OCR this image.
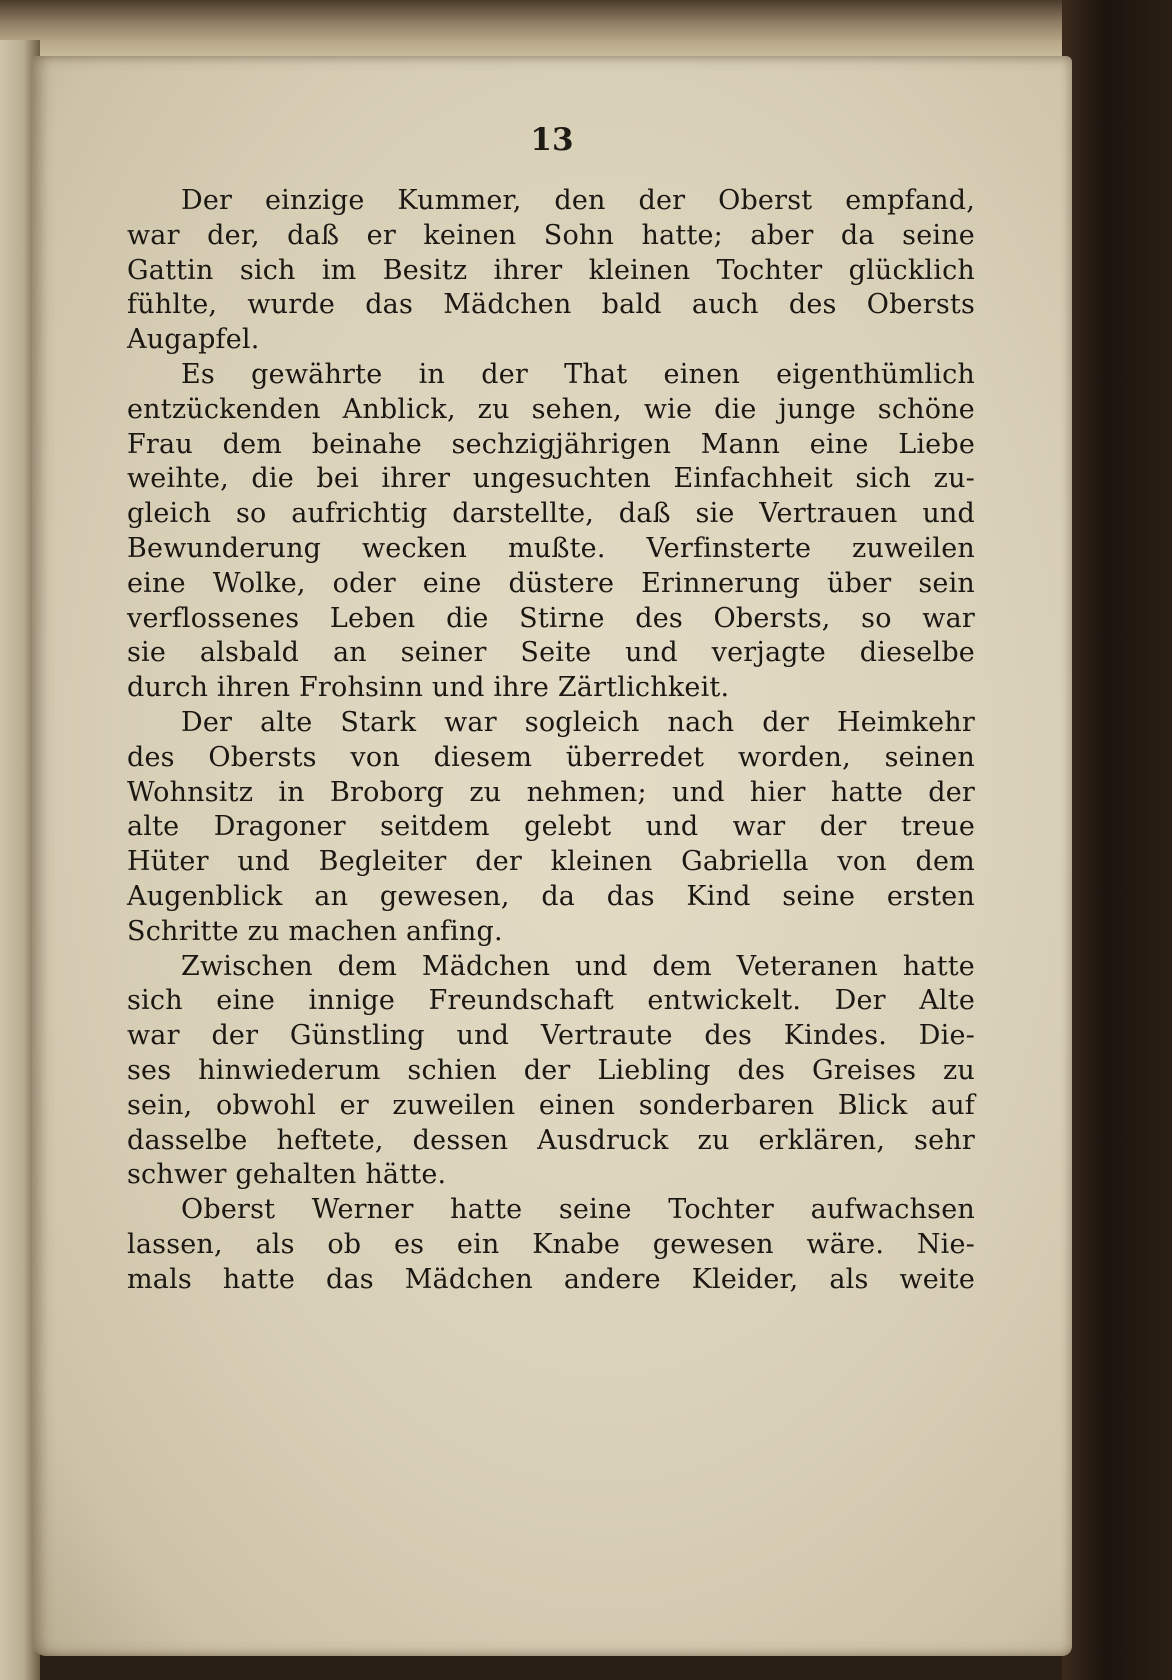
13
Der einzige Kummer, den der Oberst empfand,
war der, daß er keinen Sohn hatte; aber da seine
Gattin sich im Besitz ihrer kleinen Tochter glücklich
fühlte, wurde das Mädchen bald auch des Obersts
Augapfel.
Es gewährte in der That einen eigenthümlich
entzückenden Anblick, zu sehen, wie die junge schöne
Frau dem beinahe sechzigjährigen Mann eine Liebe
weihte, die bei ihrer ungesuchten Einfachheit sich zu-
gleich so aufrichtig darstellte, daß sie Vertrauen und
Bewunderung wecken mußte. Verfinsterte zuweilen
eine Wolke, oder eine düstere Erinnerung über sein
verflossenes Leben die Stirne des Obersts, so war
sie alsbald an seiner Seite und verjagte dieselbe
durch ihren Frohsinn und ihre Zärtlichkeit.
Der alte Stark war sogleich nach der Heimkehr
des Obersts von diesem überredet worden, seinen
Wohnsitz in Broborg zu nehmen; und hier hatte der
alte Dragoner seitdem gelebt und war der treue
Hüter und Begleiter der kleinen Gabriella von dem
Augenblick an gewesen, da das Kind seine ersten
Schritte zu machen anfing.
Zwischen dem Mädchen und dem Veteranen hatte
sich eine innige Freundschaft entwickelt. Der Alte
war der Günstling und Vertraute des Kindes. Die-
ses hinwiederum schien der Liebling des Greises zu
sein, obwohl er zuweilen einen sonderbaren Blick auf
dasselbe heftete, dessen Ausdruck zu erklären, sehr
schwer gehalten hätte.
Oberst Werner hatte seine Tochter aufwachsen
lassen, als ob es ein Knabe gewesen wäre. Nie-
mals hatte das Mädchen andere Kleider, als weite
